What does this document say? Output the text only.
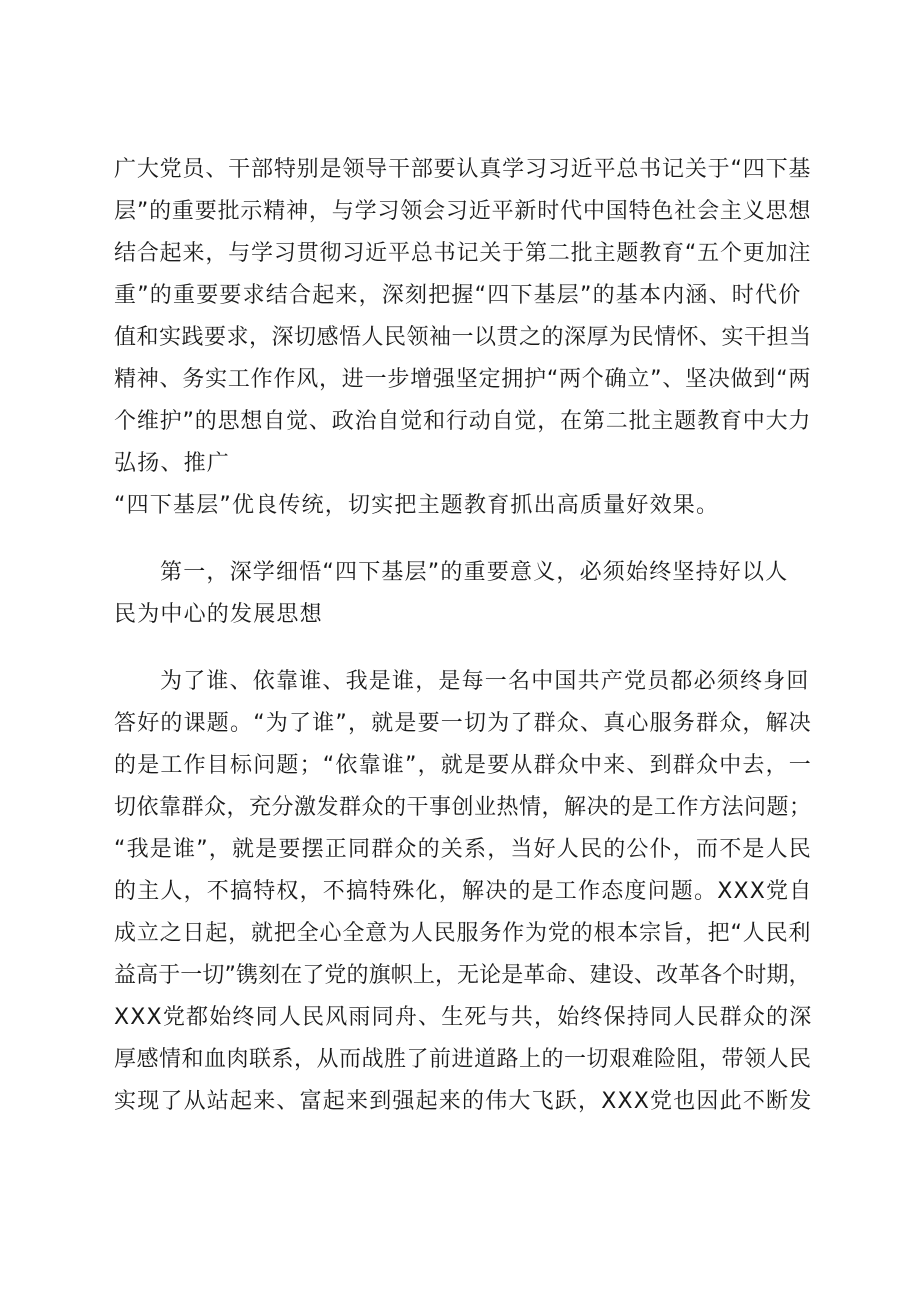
广大党员、干部特别是领导干部要认真学习习近平总书记关于“四下基
层”的重要批示精神，与学习领会习近平新时代中国特色社会主义思想
结合起来，与学习贯彻习近平总书记关于第二批主题教育“五个更加注
重”的重要要求结合起来，深刻把握“四下基层”的基本内涵、时代价
值和实践要求，深切感悟人民领袖一以贯之的深厚为民情怀、实干担当
精神、务实工作作风，进一步增强坚定拥护“两个确立”、坚决做到“两
个维护”的思想自觉、政治自觉和行动自觉，在第二批主题教育中大力
弘扬、推广
“四下基层”优良传统，切实把主题教育抓出高质量好效果。
第一，深学细悟“四下基层”的重要意义，必须始终坚持好以人
民为中心的发展思想
为了谁、依靠谁、我是谁，是每一名中国共产党员都必须终身回
答好的课题。“为了谁”，就是要一切为了群众、真心服务群众，解决
的是工作目标问题；“依靠谁”，就是要从群众中来、到群众中去，一
切依靠群众，充分激发群众的干事创业热情，解决的是工作方法问题；
“我是谁”，就是要摆正同群众的关系，当好人民的公仆，而不是人民
的主人，不搞特权，不搞特殊化，解决的是工作态度问题。XXX党自
成立之日起，就把全心全意为人民服务作为党的根本宗旨，把“人民利
益高于一切”镌刻在了党的旗帜上，无论是革命、建设、改革各个时期，
XXX党都始终同人民风雨同舟、生死与共，始终保持同人民群众的深
厚感情和血肉联系，从而战胜了前进道路上的一切艰难险阻，带领人民
实现了从站起来、富起来到强起来的伟大飞跃，XXX党也因此不断发
